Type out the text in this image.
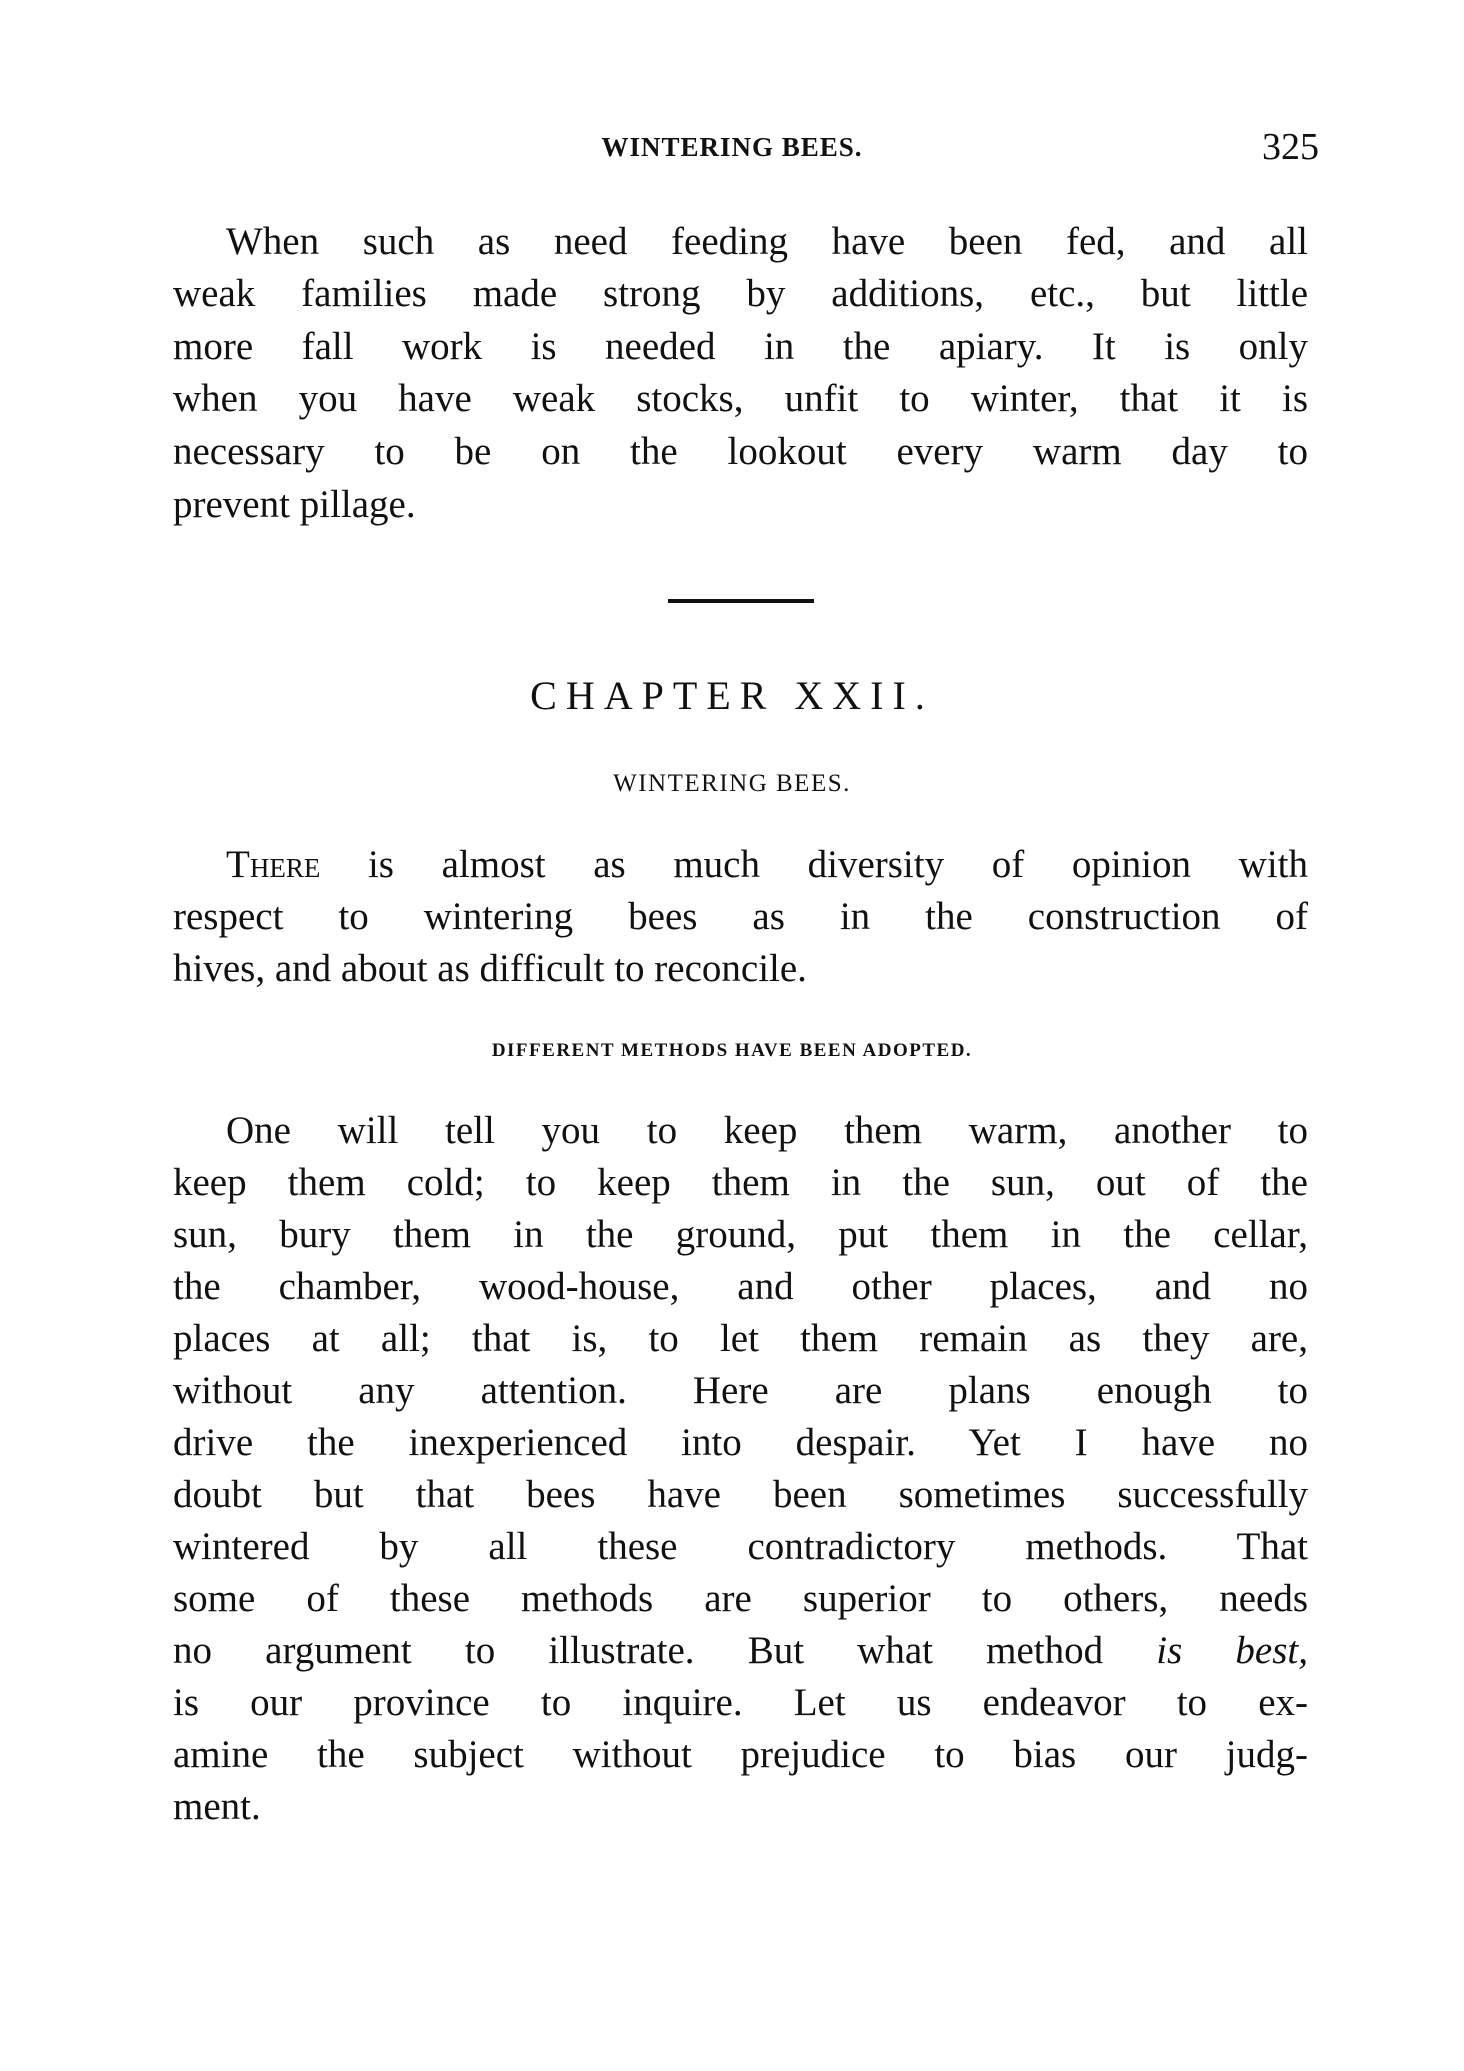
WINTERING BEES.	325
When such as need feeding have been fed, and all
weak families made strong by additions, etc., but little
more fall work is needed in the apiary. It is only
when you have weak stocks, unfit to winter, that it is
necessary to be on the lookout every warm day to
prevent pillage.
CHAPTER XXII.
WINTERING BEES.
There is almost as much diversity of opinion with
respect to wintering bees as in the construction of
hives, and about as difficult to reconcile.
DIFFERENT METHODS HAVE BEEN ADOPTED.
One will tell you to keep them warm, another to
keep them cold; to keep them in the sun, out of the
sun, bury them in the ground, put them in the cellar,
the chamber, wood-house, and other places, and no
places at all; that is, to let them remain as they are,
without any attention. Here are plans enough to
drive the inexperienced into despair. Yet I have no
doubt but that bees have been sometimes successfully
wintered by all these contradictory methods. That
some of these methods are superior to others, needs
no argument to illustrate. But what method is best,
is our province to inquire. Let us endeavor to ex-
amine the subject without prejudice to bias our judg-
ment.
